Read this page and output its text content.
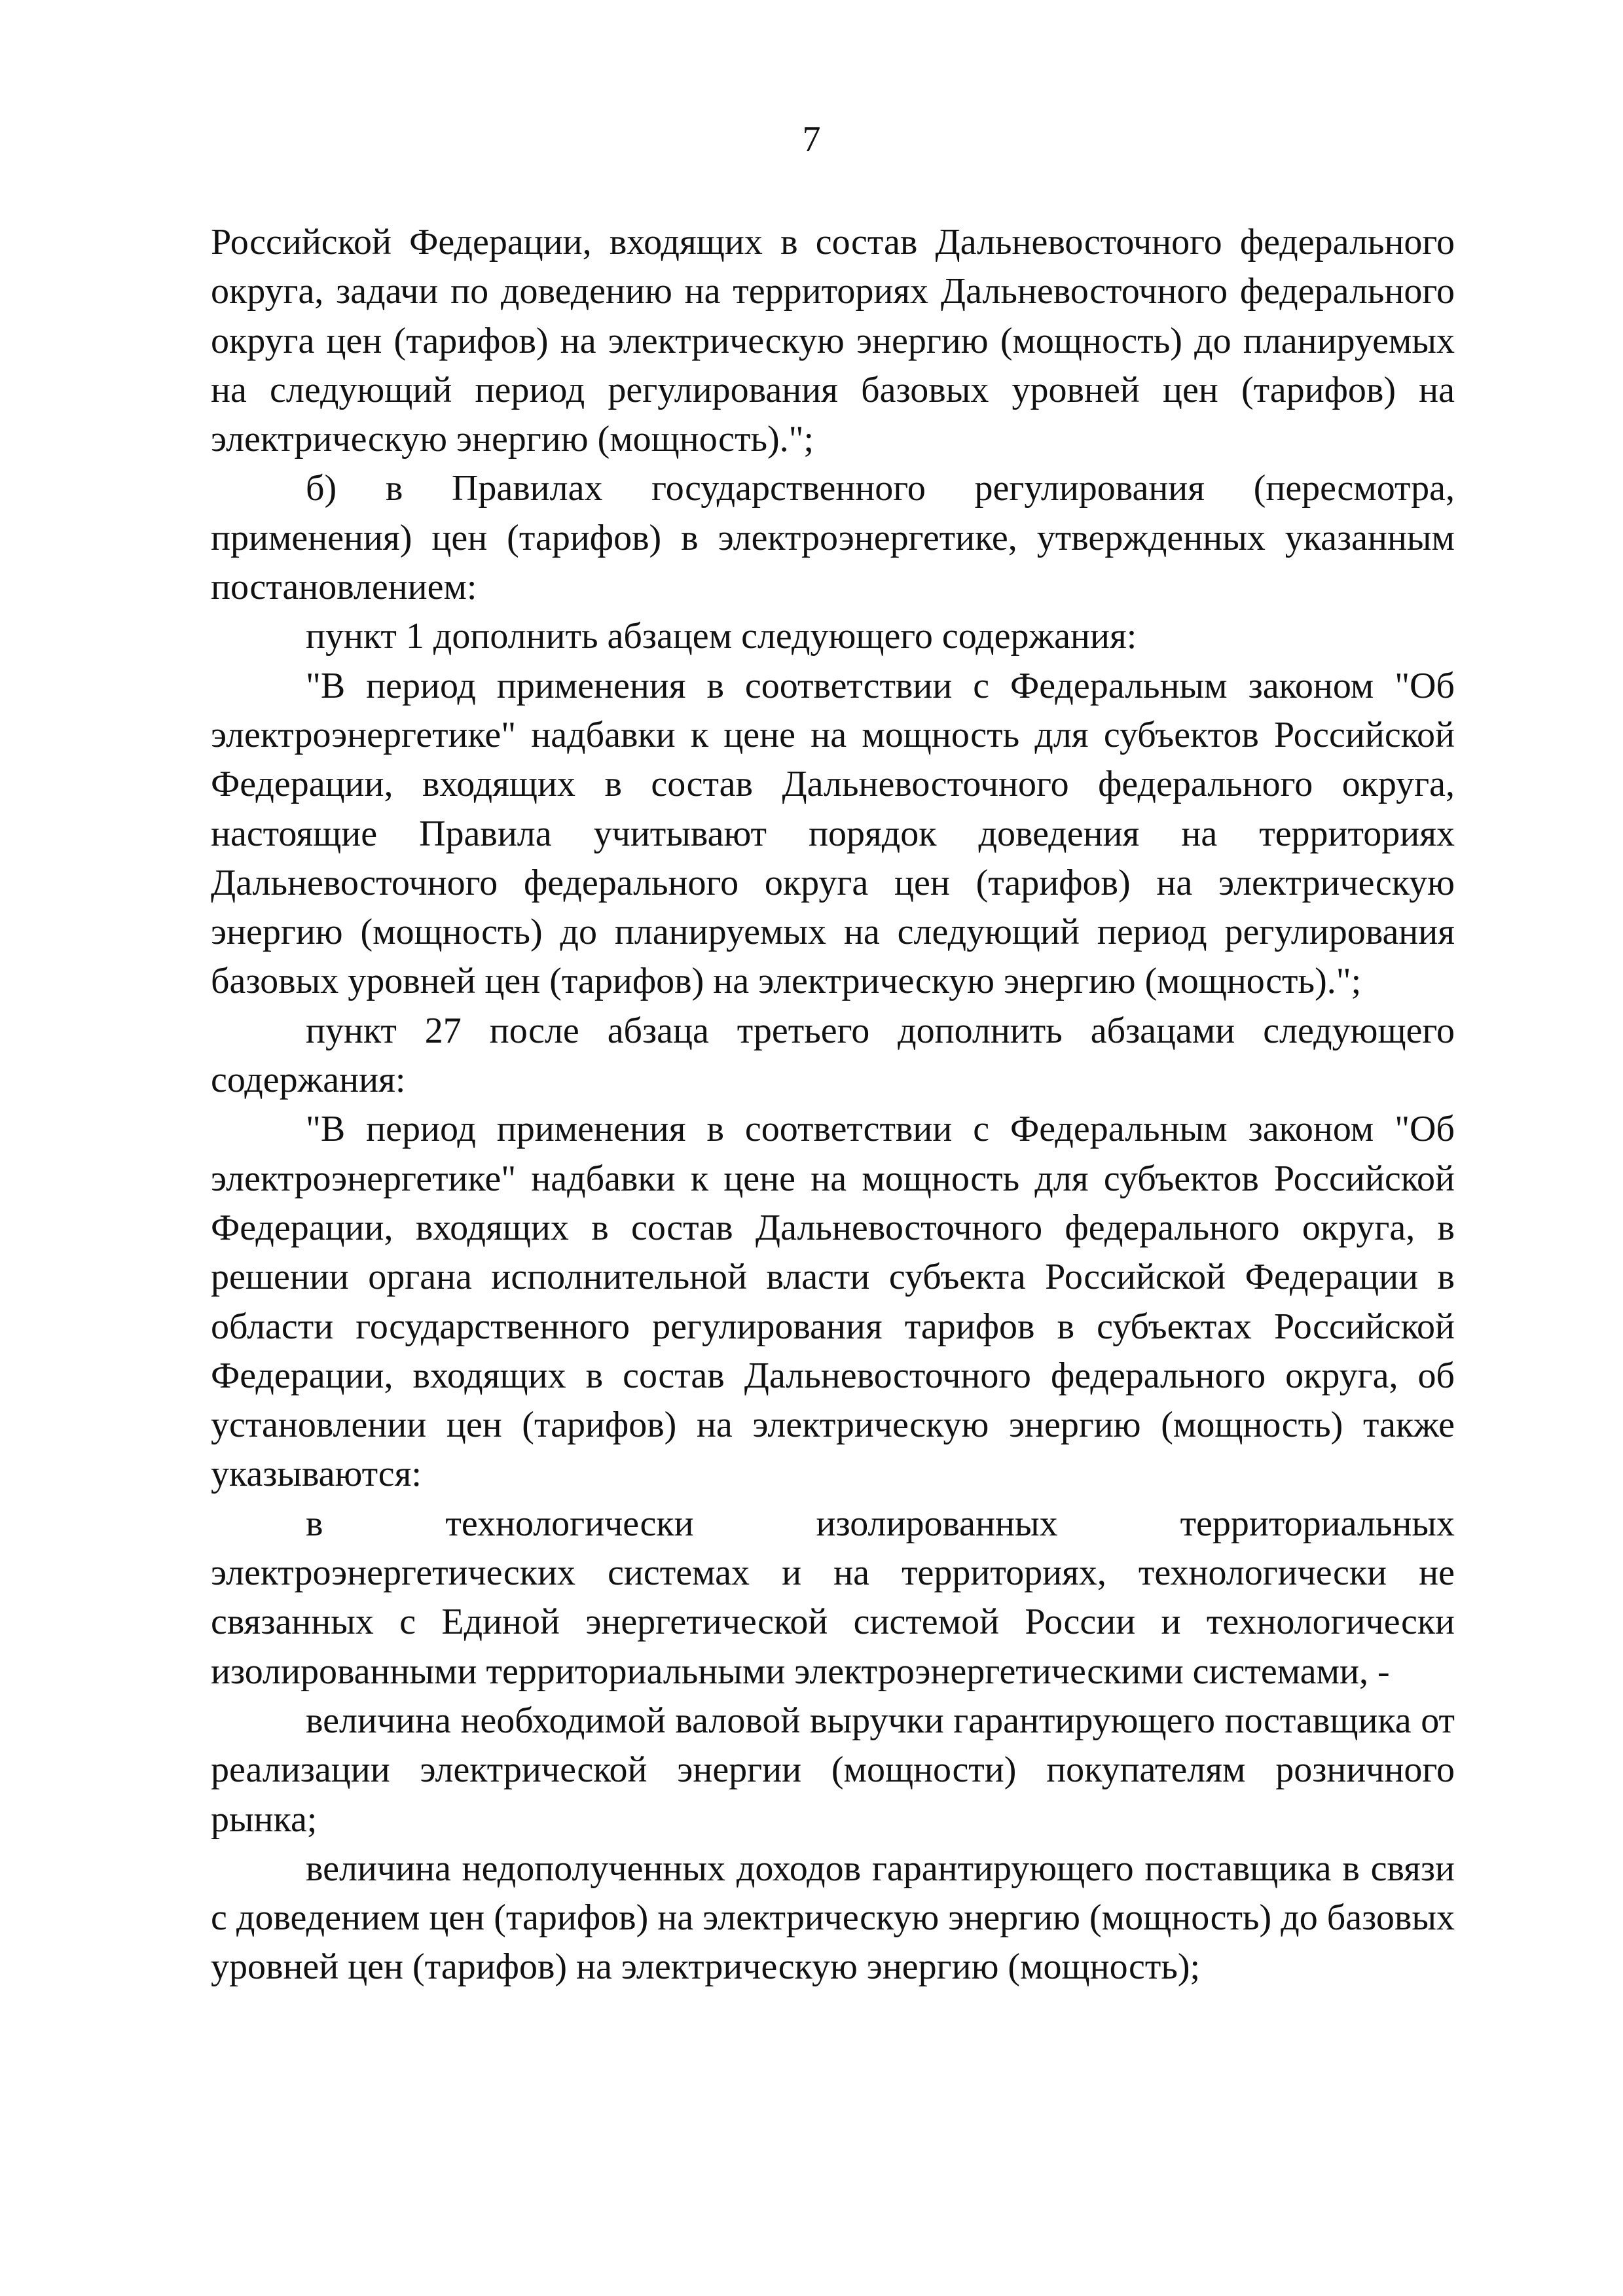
7

Российской Федерации, входящих в состав Дальневосточного федерального округа, задачи по доведению на территориях Дальневосточного федерального округа цен (тарифов) на электрическую энергию (мощность) до планируемых на следующий период регулирования базовых уровней цен (тарифов) на электрическую энергию (мощность).";

б) в Правилах государственного регулирования (пересмотра, применения) цен (тарифов) в электроэнергетике, утвержденных указанным постановлением:

пункт 1 дополнить абзацем следующего содержания:

"В период применения в соответствии с Федеральным законом "Об электроэнергетике" надбавки к цене на мощность для субъектов Российской Федерации, входящих в состав Дальневосточного федерального округа, настоящие Правила учитывают порядок доведения на территориях Дальневосточного федерального округа цен (тарифов) на электрическую энергию (мощность) до планируемых на следующий период регулирования базовых уровней цен (тарифов) на электрическую энергию (мощность).";

пункт 27 после абзаца третьего дополнить абзацами следующего содержания:

"В период применения в соответствии с Федеральным законом "Об электроэнергетике" надбавки к цене на мощность для субъектов Российской Федерации, входящих в состав Дальневосточного федерального округа, в решении органа исполнительной власти субъекта Российской Федерации в области государственного регулирования тарифов в субъектах Российской Федерации, входящих в состав Дальневосточного федерального округа, об установлении цен (тарифов) на электрическую энергию (мощность) также указываются:

в технологически изолированных территориальных электроэнергетических системах и на территориях, технологически не связанных с Единой энергетической системой России и технологически изолированными территориальными электроэнергетическими системами, -

величина необходимой валовой выручки гарантирующего поставщика от реализации электрической энергии (мощности) покупателям розничного рынка;

величина недополученных доходов гарантирующего поставщика в связи с доведением цен (тарифов) на электрическую энергию (мощность) до базовых уровней цен (тарифов) на электрическую энергию (мощность);
